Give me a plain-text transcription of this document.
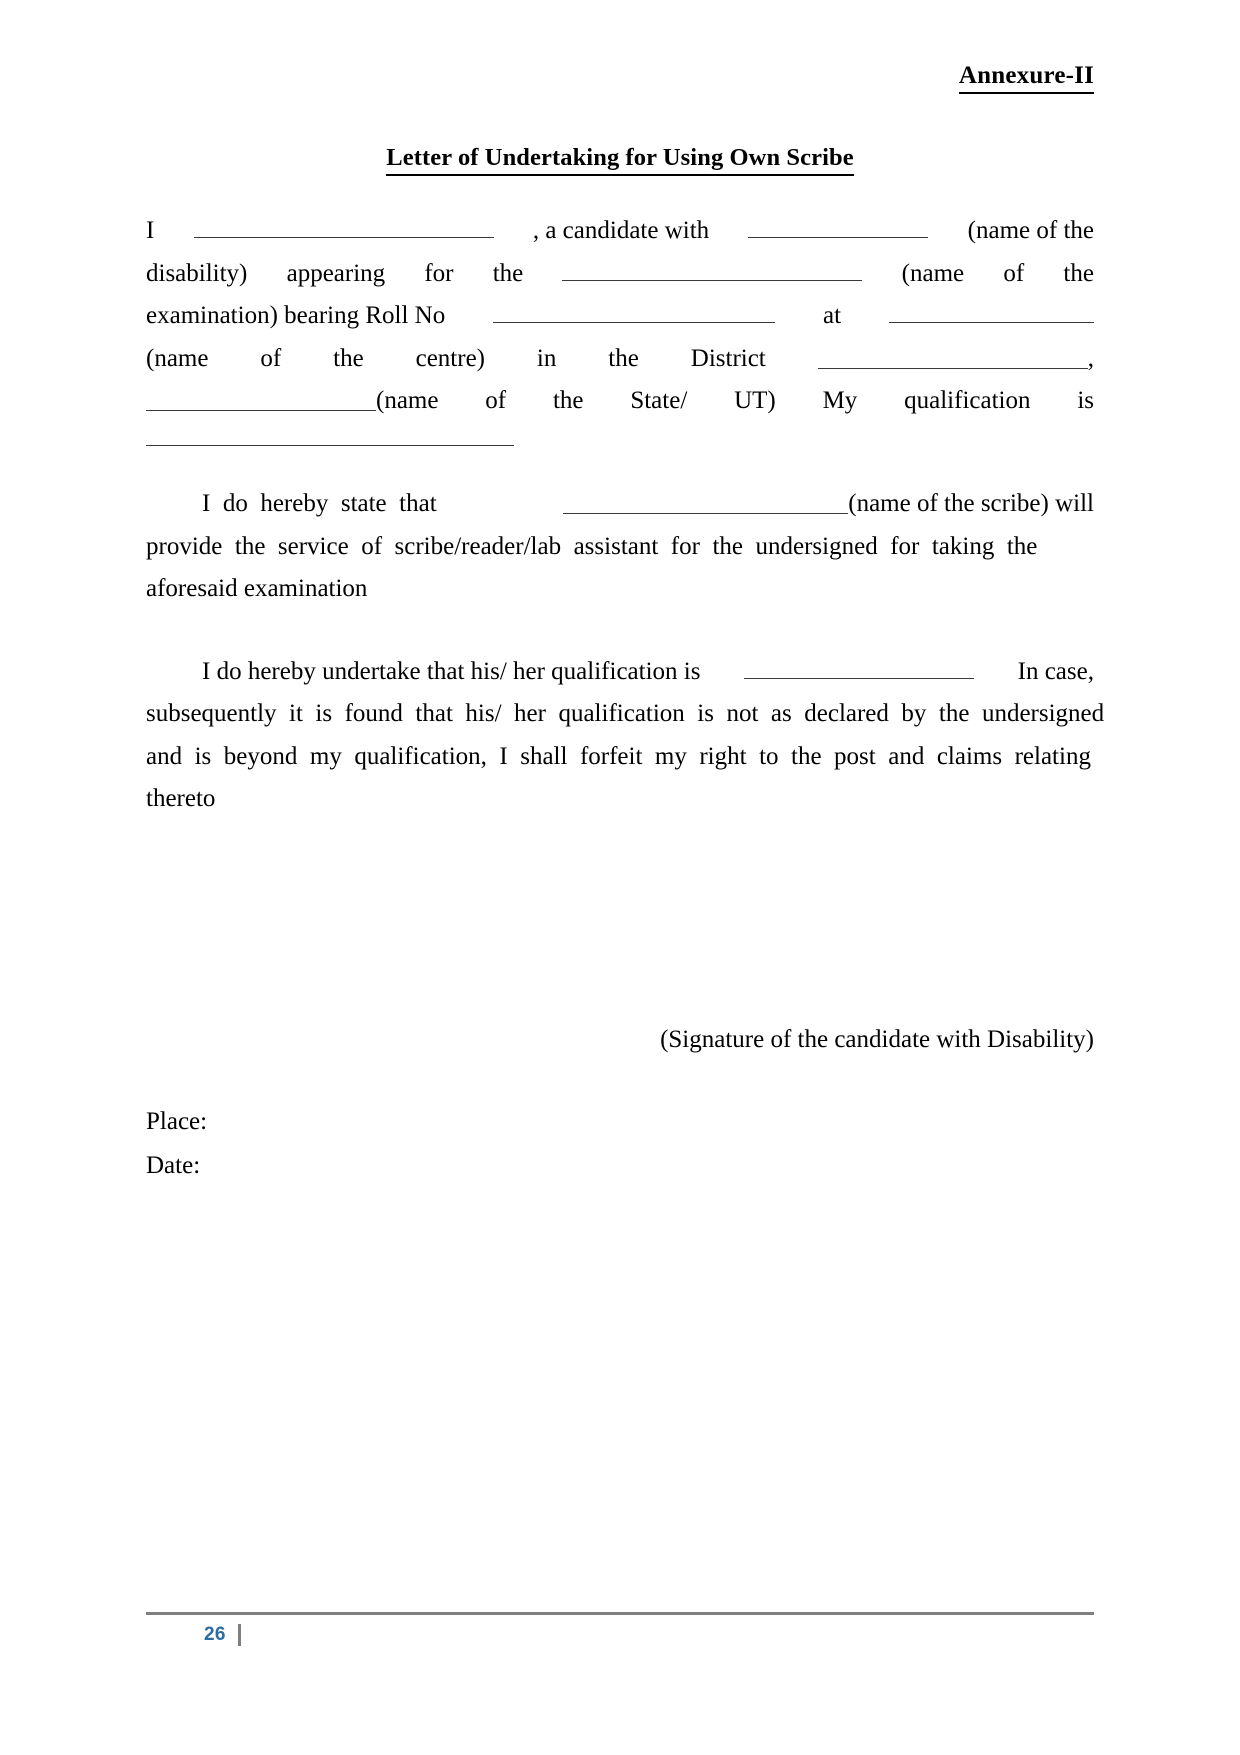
Annexure-II
Letter of Undertaking for Using Own Scribe
I	, a candidate with	(name of the
disability) appearing for the	(name of the
examination) bearing Roll No	at
(name of the centre) in the District	,
(name of the State/ UT) My qualification is
I  do  hereby  state  that	(name of the scribe) will
provide  the  service  of  scribe/reader/lab  assistant  for  the  undersigned  for  taking  the
aforesaid examination
I do hereby undertake that his/ her qualification is	In case,
subsequently  it  is  found  that  his/  her  qualification  is  not  as  declared  by  the  undersigned
and  is  beyond  my  qualification,  I  shall  forfeit  my  right  to  the  post  and  claims  relating
thereto
(Signature of the candidate with Disability)
Place:
Date:
26
